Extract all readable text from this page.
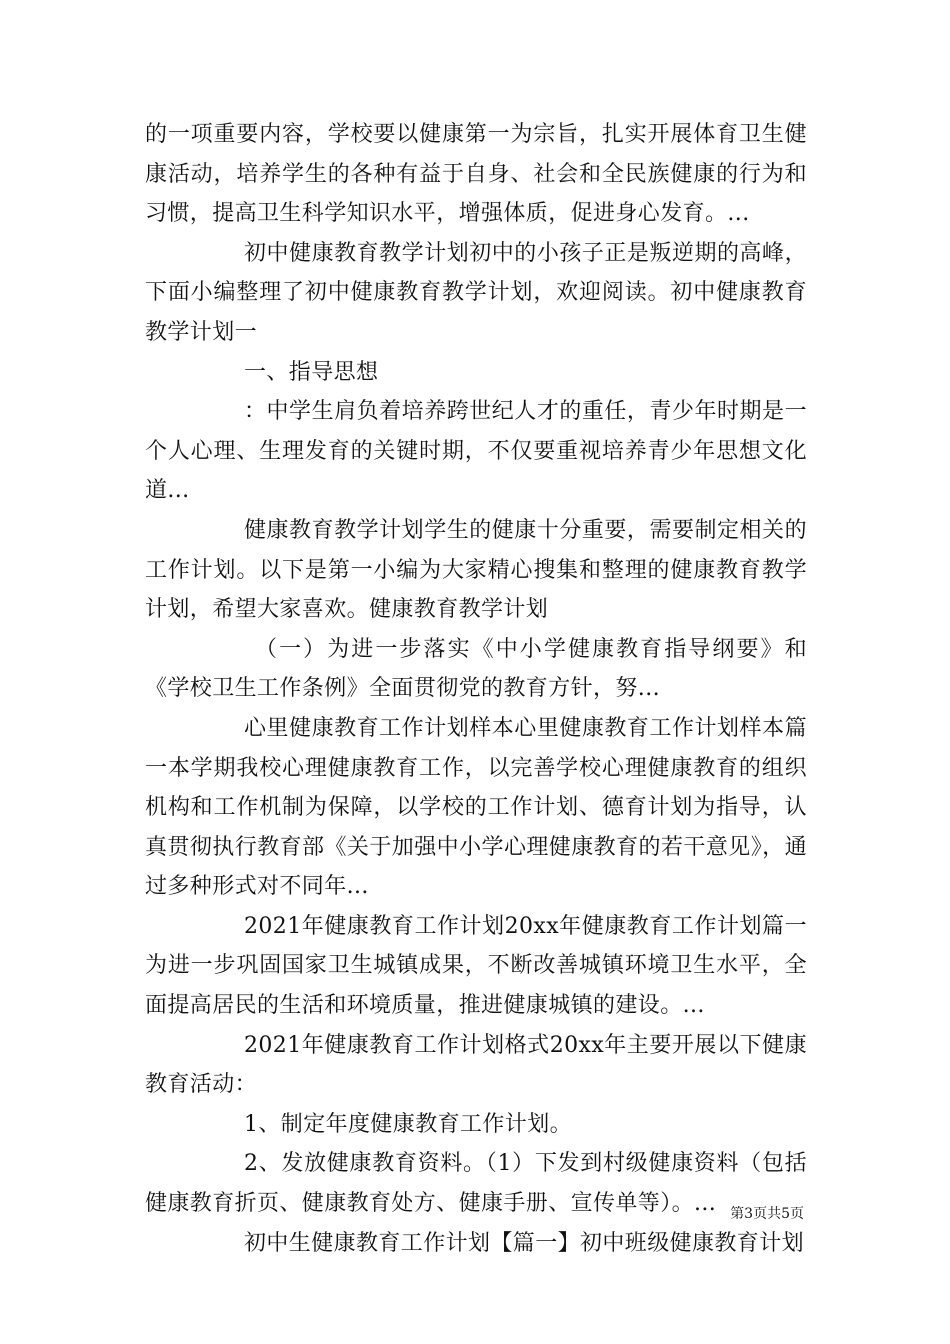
的一项重要内容，学校要以健康第一为宗旨，扎实开展体育卫生健康活动，培养学生的各种有益于自身、社会和全民族健康的行为和习惯，提高卫生科学知识水平，增强体质，促进身心发育。...

初中健康教育教学计划初中的小孩子正是叛逆期的高峰，下面小编整理了初中健康教育教学计划，欢迎阅读。初中健康教育教学计划一

一、指导思想

：中学生肩负着培养跨世纪人才的重任，青少年时期是一个人心理、生理发育的关键时期，不仅要重视培养青少年思想文化道...

健康教育教学计划学生的健康十分重要，需要制定相关的工作计划。以下是第一小编为大家精心搜集和整理的健康教育教学计划，希望大家喜欢。健康教育教学计划

（一）为进一步落实《中小学健康教育指导纲要》和《学校卫生工作条例》全面贯彻党的教育方针，努...

心里健康教育工作计划样本心里健康教育工作计划样本篇一本学期我校心理健康教育工作，以完善学校心理健康教育的组织机构和工作机制为保障，以学校的工作计划、德育计划为指导，认真贯彻执行教育部《关于加强中小学心理健康教育的若干意见》，通过多种形式对不同年...

2021年健康教育工作计划20xx年健康教育工作计划篇一为进一步巩固国家卫生城镇成果，不断改善城镇环境卫生水平，全面提高居民的生活和环境质量，推进健康城镇的建设。...

2021年健康教育工作计划格式20xx年主要开展以下健康教育活动：

1、制定年度健康教育工作计划。

2、发放健康教育资料。（1）下发到村级健康资料（包括健康教育折页、健康教育处方、健康手册、宣传单等）。...

初中生健康教育工作计划【篇一】初中班级健康教育计划

第3页共5页
